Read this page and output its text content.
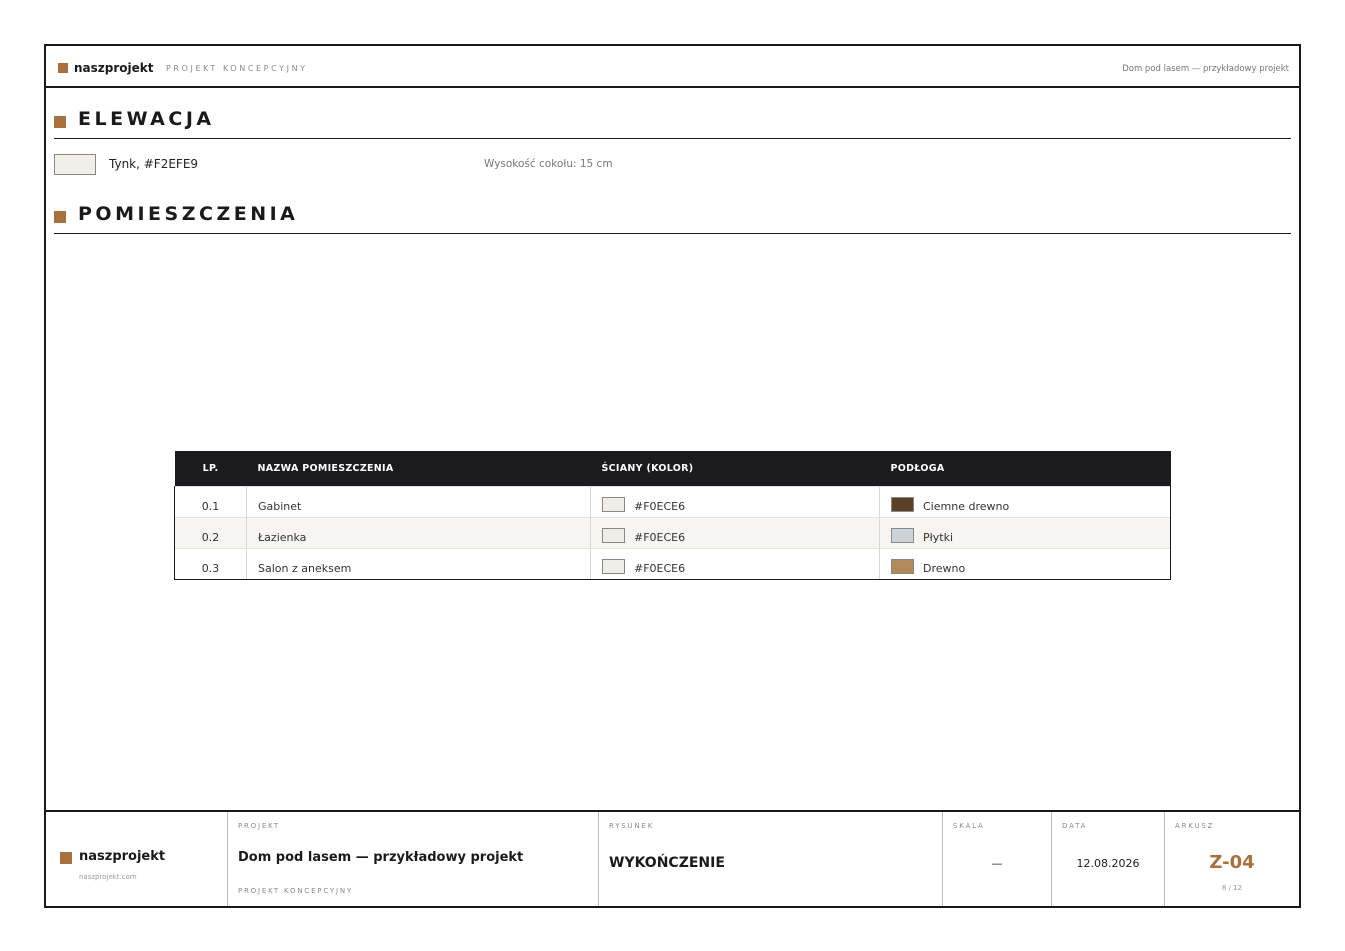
naszprojekt PROJEKT KONCEPCYJNY	Dom pod lasem — przykładowy projekt
ELEWACJA
Tynk, #F2EFE9	Wysokość cokołu: 15 cm
POMIESZCZENIA
LP.	NAZWA POMIESZCZENIA	ŚCIANY (KOLOR)	PODŁOGA
0.1	Gabinet	#F0ECE6	Ciemne drewno
0.2	Łazienka	#F0ECE6	Płytki
0.3	Salon z aneksem	#F0ECE6	Drewno
naszprojekt
naszprojekt.com
PROJEKT
Dom pod lasem — przykładowy projekt
PROJEKT KONCEPCYJNY
RYSUNEK
WYKOŃCZENIE
SKALA
—
DATA
12.08.2026
ARKUSZ
Z-04
8 / 12
